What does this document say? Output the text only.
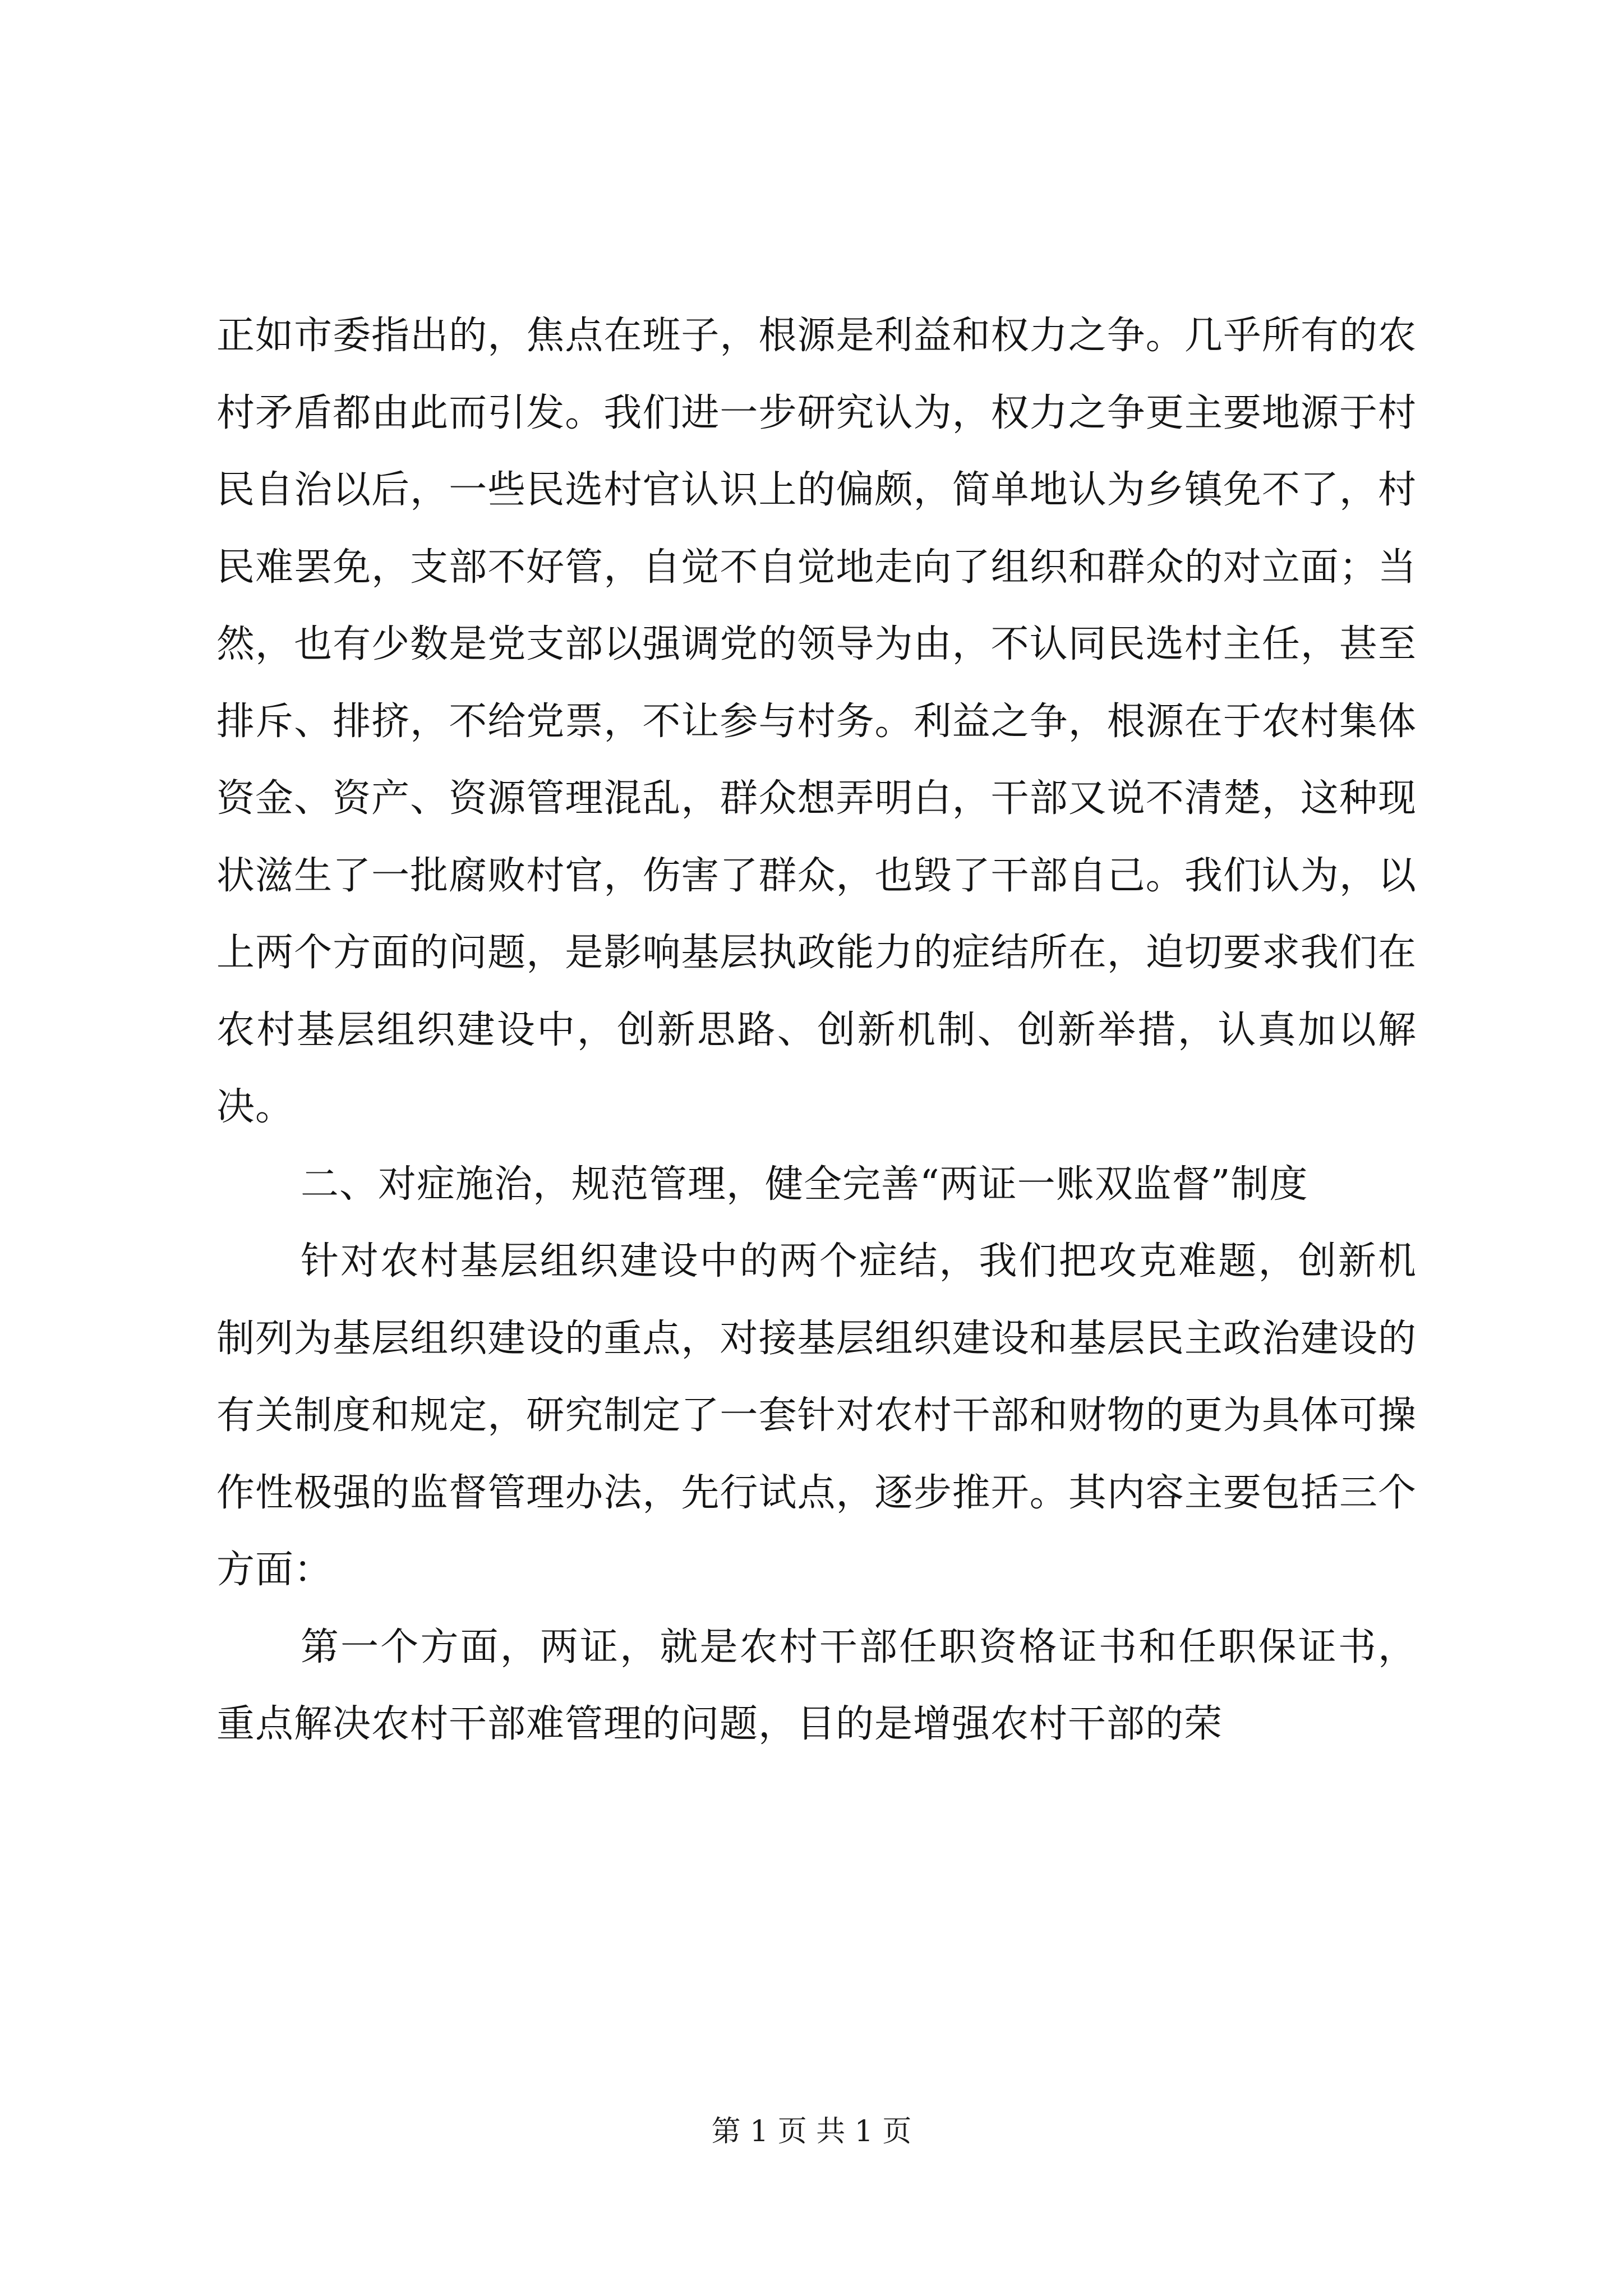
正如市委指出的，焦点在班子，根源是利益和权力之争。几乎所有的农村矛盾都由此而引发。我们进一步研究认为，权力之争更主要地源于村民自治以后，一些民选村官认识上的偏颇，简单地认为乡镇免不了，村民难罢免，支部不好管，自觉不自觉地走向了组织和群众的对立面；当然，也有少数是党支部以强调党的领导为由，不认同民选村主任，甚至排斥、排挤，不给党票，不让参与村务。利益之争，根源在于农村集体资金、资产、资源管理混乱，群众想弄明白，干部又说不清楚，这种现状滋生了一批腐败村官，伤害了群众，也毁了干部自己。我们认为，以上两个方面的问题，是影响基层执政能力的症结所在，迫切要求我们在农村基层组织建设中，创新思路、创新机制、创新举措，认真加以解决。

二、对症施治，规范管理，健全完善“两证一账双监督”制度

针对农村基层组织建设中的两个症结，我们把攻克难题，创新机制列为基层组织建设的重点，对接基层组织建设和基层民主政治建设的有关制度和规定，研究制定了一套针对农村干部和财物的更为具体可操作性极强的监督管理办法，先行试点，逐步推开。其内容主要包括三个方面：

第一个方面，两证，就是农村干部任职资格证书和任职保证书，重点解决农村干部难管理的问题，目的是增强农村干部的荣

第 1 页 共 1 页
